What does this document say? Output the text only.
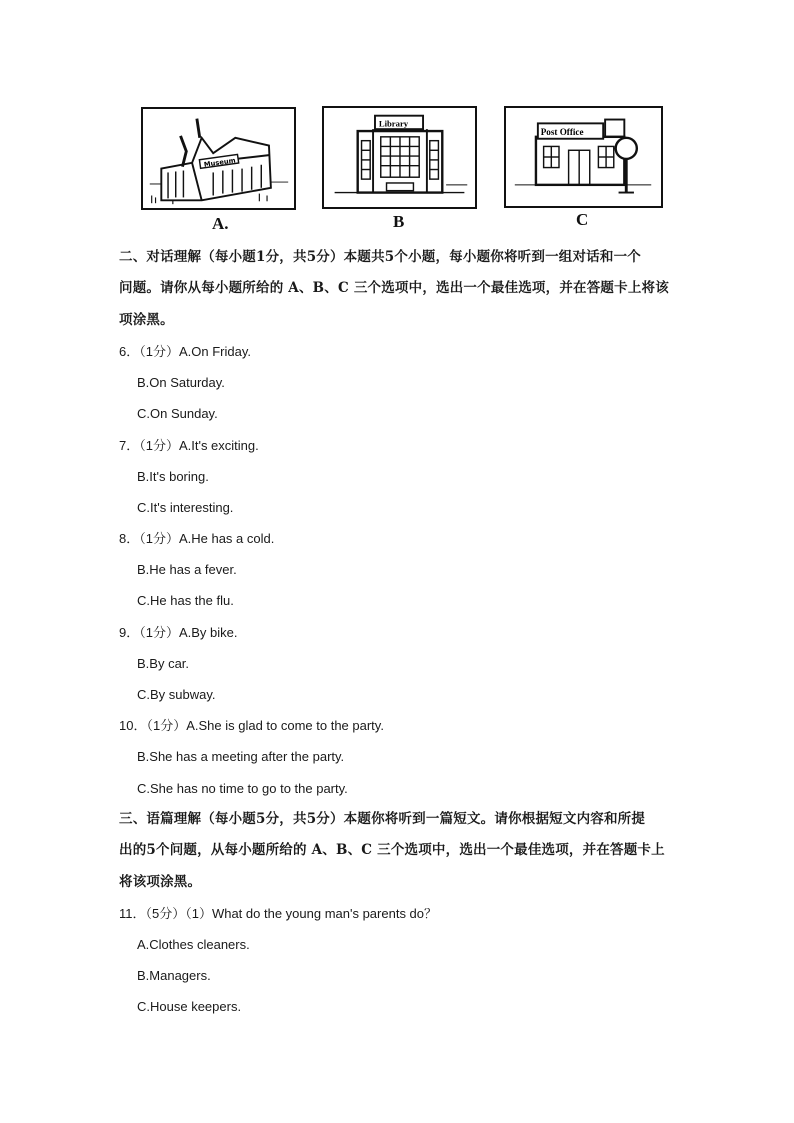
Museum
A.
Library
B
Post Office
C
二、对话理解（每小题1分，共5分）本题共5个小题，每小题你将听到一组对话和一个
问题。请你从每小题所给的 A、B、C 三个选项中，选出一个最佳选项，并在答题卡上将该
项涂黑。
6．（1分）A.On Friday.
B.On Saturday.
C.On Sunday.
7．（1分）A.It's exciting.
B.It's boring.
C.It's interesting.
8．（1分）A.He has a cold.
B.He has a fever.
C.He has the flu.
9．（1分）A.By bike.
B.By car.
C.By subway.
10．（1分）A.She is glad to come to the party.
B.She has a meeting after the party.
C.She has no time to go to the party.
三、语篇理解（每小题5分，共5分）本题你将听到一篇短文。请你根据短文内容和所提
出的5个问题，从每小题所给的 A、B、C 三个选项中，选出一个最佳选项，并在答题卡上
将该项涂黑。
11．（5分）（1）What do the young man's parents do？
A.Clothes cleaners.
B.Managers.
C.House keepers.
